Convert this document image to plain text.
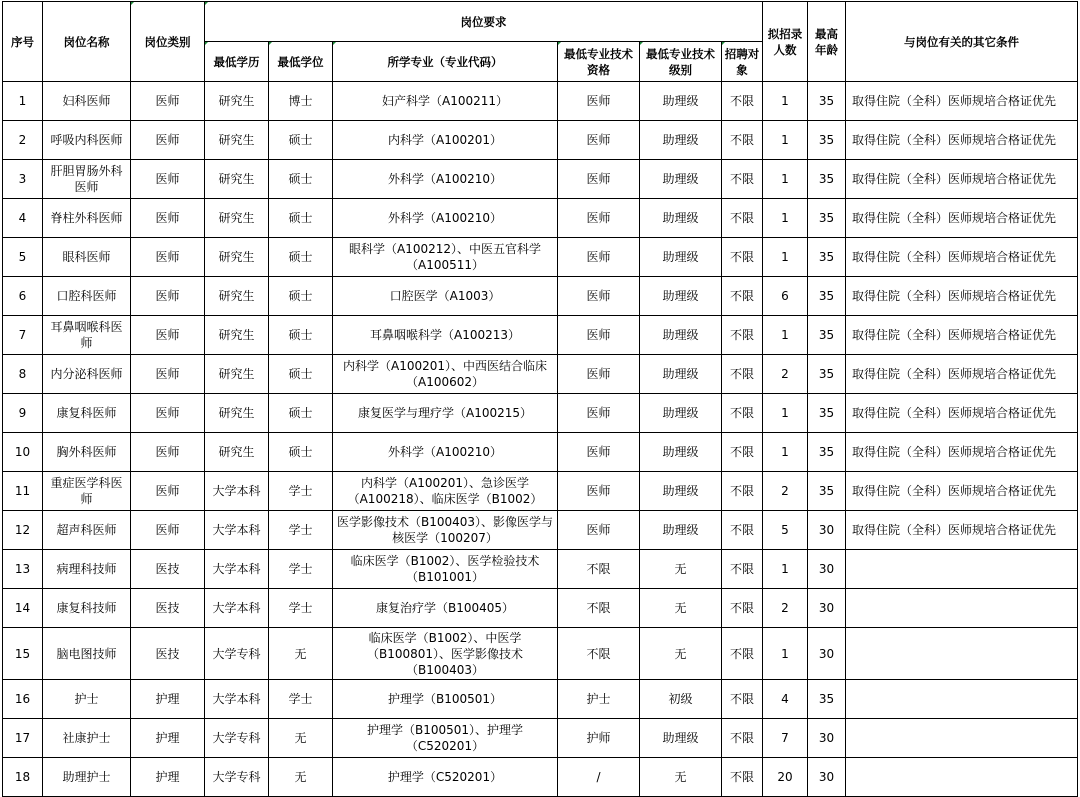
序号	岗位名称	岗位类别	岗位要求						拟招录人数	最高年龄	与岗位有关的其它条件
			最低学历	最低学位	所学专业（专业代码）	最低专业技术资格	最低专业技术级别	招聘对象			
1	妇科医师	医师	研究生	博士	妇产科学（A100211）	医师	助理级	不限	1	35	取得住院（全科）医师规培合格证优先
2	呼吸内科医师	医师	研究生	硕士	内科学（A100201）	医师	助理级	不限	1	35	取得住院（全科）医师规培合格证优先
3	肝胆胃肠外科医师	医师	研究生	硕士	外科学（A100210）	医师	助理级	不限	1	35	取得住院（全科）医师规培合格证优先
4	脊柱外科医师	医师	研究生	硕士	外科学（A100210）	医师	助理级	不限	1	35	取得住院（全科）医师规培合格证优先
5	眼科医师	医师	研究生	硕士	眼科学（A100212）、中医五官科学（A100511）	医师	助理级	不限	1	35	取得住院（全科）医师规培合格证优先
6	口腔科医师	医师	研究生	硕士	口腔医学（A1003）	医师	助理级	不限	6	35	取得住院（全科）医师规培合格证优先
7	耳鼻咽喉科医师	医师	研究生	硕士	耳鼻咽喉科学（A100213）	医师	助理级	不限	1	35	取得住院（全科）医师规培合格证优先
8	内分泌科医师	医师	研究生	硕士	内科学（A100201）、中西医结合临床（A100602）	医师	助理级	不限	2	35	取得住院（全科）医师规培合格证优先
9	康复科医师	医师	研究生	硕士	康复医学与理疗学（A100215）	医师	助理级	不限	1	35	取得住院（全科）医师规培合格证优先
10	胸外科医师	医师	研究生	硕士	外科学（A100210）	医师	助理级	不限	1	35	取得住院（全科）医师规培合格证优先
11	重症医学科医师	医师	大学本科	学士	内科学（A100201）、急诊医学（A100218）、临床医学（B1002）	医师	助理级	不限	2	35	取得住院（全科）医师规培合格证优先
12	超声科医师	医师	大学本科	学士	医学影像技术（B100403）、影像医学与核医学（100207）	医师	助理级	不限	5	30	取得住院（全科）医师规培合格证优先
13	病理科技师	医技	大学本科	学士	临床医学（B1002）、医学检验技术（B101001）	不限	无	不限	1	30	
14	康复科技师	医技	大学本科	学士	康复治疗学（B100405）	不限	无	不限	2	30	
15	脑电图技师	医技	大学专科	无	临床医学（B1002）、中医学（B100801）、医学影像技术（B100403）	不限	无	不限	1	30	
16	护士	护理	大学本科	学士	护理学（B100501）	护士	初级	不限	4	35	
17	社康护士	护理	大学专科	无	护理学（B100501）、护理学（C520201）	护师	助理级	不限	7	30	
18	助理护士	护理	大学专科	无	护理学（C520201）	/	无	不限	20	30	
